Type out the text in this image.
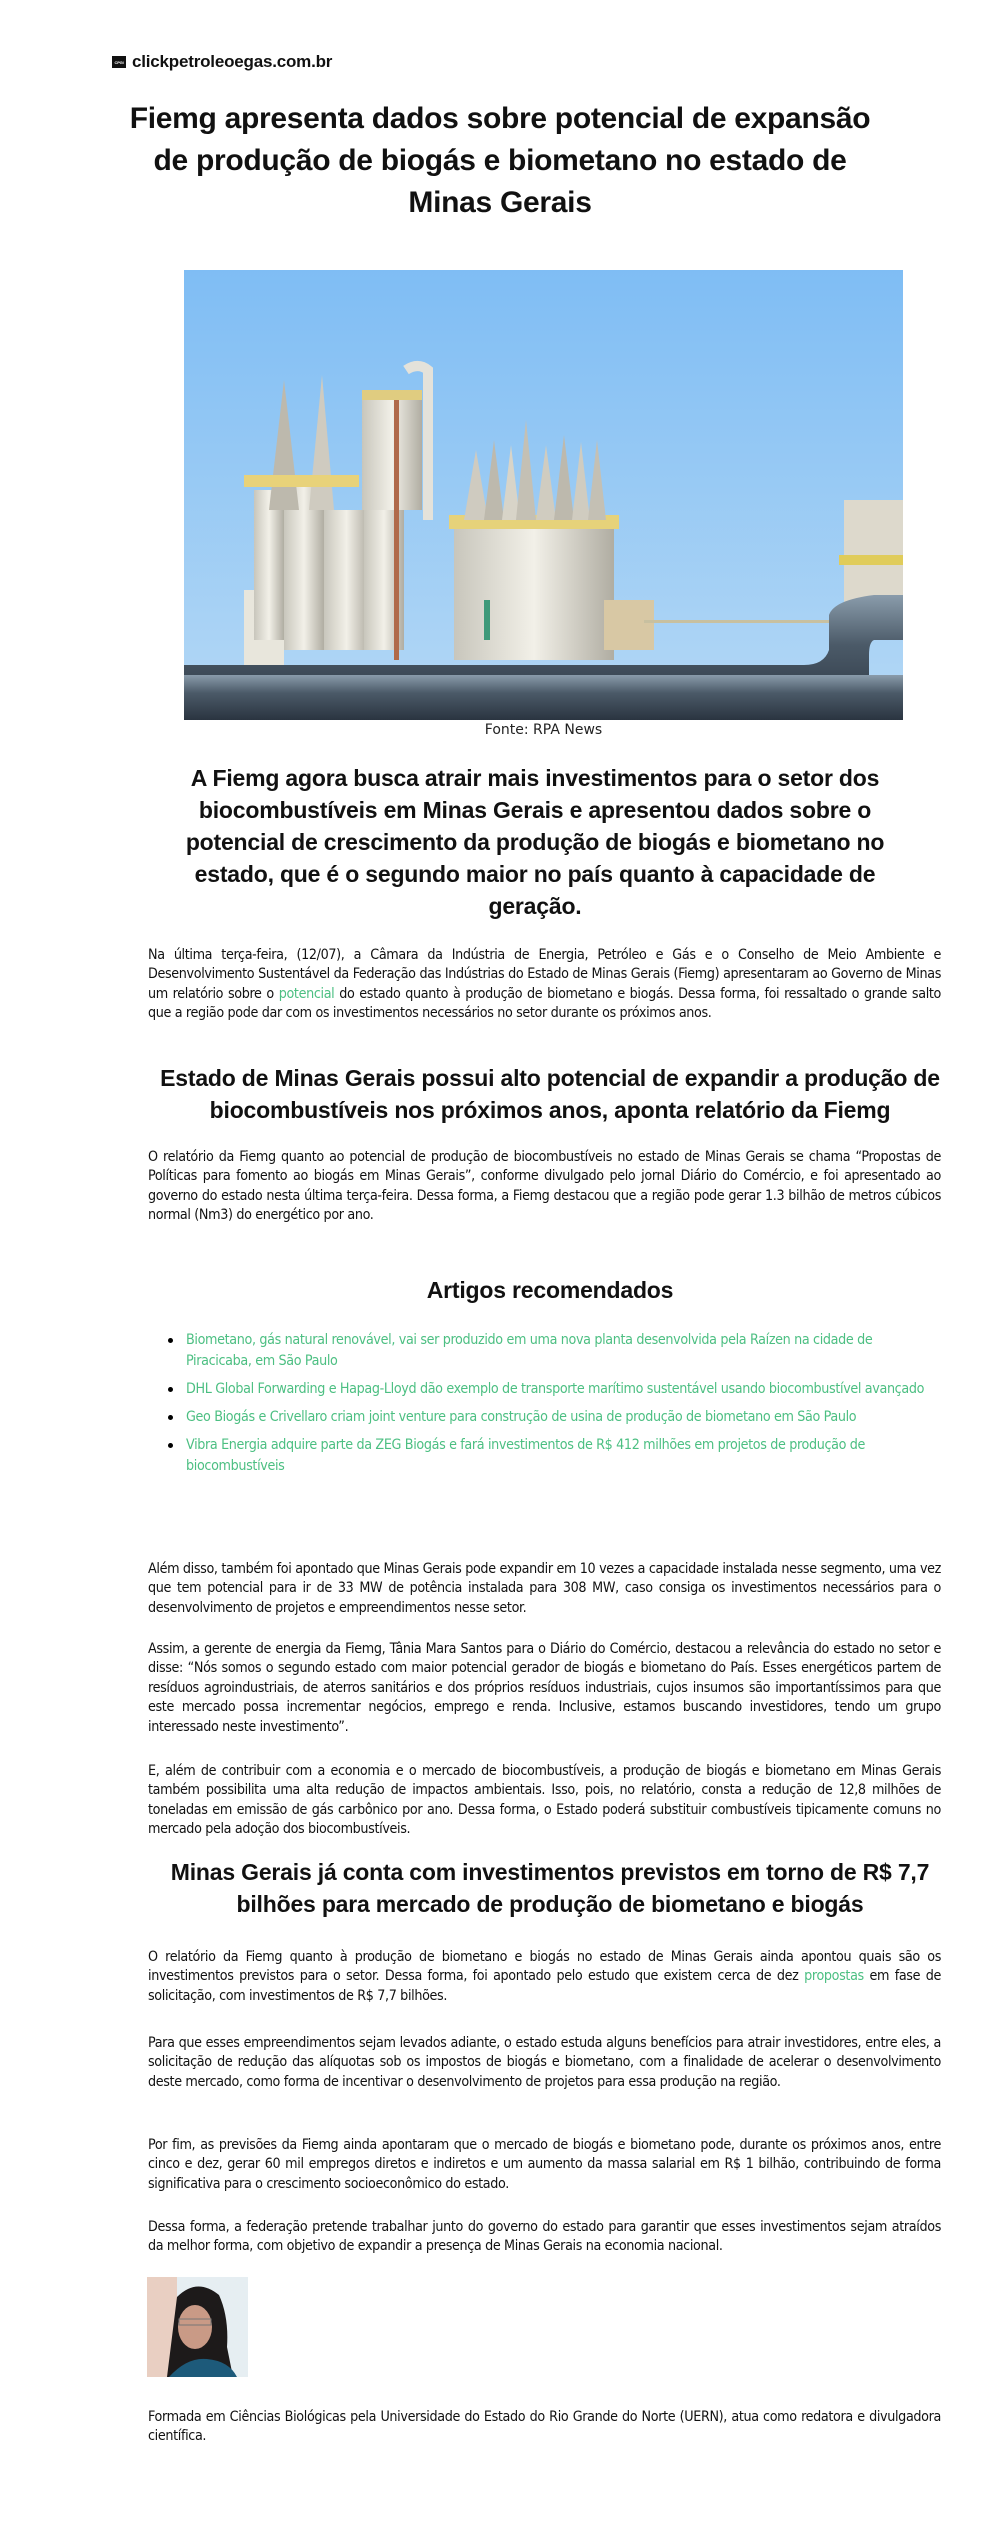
CPGI clickpetroleoegas.com.br
Fiemg apresenta dados sobre potencial de expansão de produção de biogás e biometano no estado de Minas Gerais
Fonte: RPA News

A Fiemg agora busca atrair mais investimentos para o setor dos biocombustíveis em Minas Gerais e apresentou dados sobre o potencial de crescimento da produção de biogás e biometano no estado, que é o segundo maior no país quanto à capacidade de geração.

Na última terça-feira, (12/07), a Câmara da Indústria de Energia, Petróleo e Gás e o Conselho de Meio Ambiente e Desenvolvimento Sustentável da Federação das Indústrias do Estado de Minas Gerais (Fiemg) apresentaram ao Governo de Minas um relatório sobre o potencial do estado quanto à produção de biometano e biogás. Dessa forma, foi ressaltado o grande salto que a região pode dar com os investimentos necessários no setor durante os próximos anos.

Estado de Minas Gerais possui alto potencial de expandir a produção de biocombustíveis nos próximos anos, aponta relatório da Fiemg

O relatório da Fiemg quanto ao potencial de produção de biocombustíveis no estado de Minas Gerais se chama “Propostas de Políticas para fomento ao biogás em Minas Gerais”, conforme divulgado pelo jornal Diário do Comércio, e foi apresentado ao governo do estado nesta última terça-feira. Dessa forma, a Fiemg destacou que a região pode gerar 1.3 bilhão de metros cúbicos normal (Nm3) do energético por ano.

Artigos recomendados
Biometano, gás natural renovável, vai ser produzido em uma nova planta desenvolvida pela Raízen na cidade de Piracicaba, em São Paulo
DHL Global Forwarding e Hapag-Lloyd dão exemplo de transporte marítimo sustentável usando biocombustível avançado
Geo Biogás e Crivellaro criam joint venture para construção de usina de produção de biometano em São Paulo
Vibra Energia adquire parte da ZEG Biogás e fará investimentos de R$ 412 milhões em projetos de produção de biocombustíveis

Além disso, também foi apontado que Minas Gerais pode expandir em 10 vezes a capacidade instalada nesse segmento, uma vez que tem potencial para ir de 33 MW de potência instalada para 308 MW, caso consiga os investimentos necessários para o desenvolvimento de projetos e empreendimentos nesse setor.

Assim, a gerente de energia da Fiemg, Tânia Mara Santos para o Diário do Comércio, destacou a relevância do estado no setor e disse: “Nós somos o segundo estado com maior potencial gerador de biogás e biometano do País. Esses energéticos partem de resíduos agroindustriais, de aterros sanitários e dos próprios resíduos industriais, cujos insumos são importantíssimos para que este mercado possa incrementar negócios, emprego e renda. Inclusive, estamos buscando investidores, tendo um grupo interessado neste investimento”.

E, além de contribuir com a economia e o mercado de biocombustíveis, a produção de biogás e biometano em Minas Gerais também possibilita uma alta redução de impactos ambientais. Isso, pois, no relatório, consta a redução de 12,8 milhões de toneladas em emissão de gás carbônico por ano. Dessa forma, o Estado poderá substituir combustíveis tipicamente comuns no mercado pela adoção dos biocombustíveis.

Minas Gerais já conta com investimentos previstos em torno de R$ 7,7 bilhões para mercado de produção de biometano e biogás

O relatório da Fiemg quanto à produção de biometano e biogás no estado de Minas Gerais ainda apontou quais são os investimentos previstos para o setor. Dessa forma, foi apontado pelo estudo que existem cerca de dez propostas em fase de solicitação, com investimentos de R$ 7,7 bilhões.

Para que esses empreendimentos sejam levados adiante, o estado estuda alguns benefícios para atrair investidores, entre eles, a solicitação de redução das alíquotas sob os impostos de biogás e biometano, com a finalidade de acelerar o desenvolvimento deste mercado, como forma de incentivar o desenvolvimento de projetos para essa produção na região.

Por fim, as previsões da Fiemg ainda apontaram que o mercado de biogás e biometano pode, durante os próximos anos, entre cinco e dez, gerar 60 mil empregos diretos e indiretos e um aumento da massa salarial em R$ 1 bilhão, contribuindo de forma significativa para o crescimento socioeconômico do estado.

Dessa forma, a federação pretende trabalhar junto do governo do estado para garantir que esses investimentos sejam atraídos da melhor forma, com objetivo de expandir a presença de Minas Gerais na economia nacional.

Formada em Ciências Biológicas pela Universidade do Estado do Rio Grande do Norte (UERN), atua como redatora e divulgadora científica.
